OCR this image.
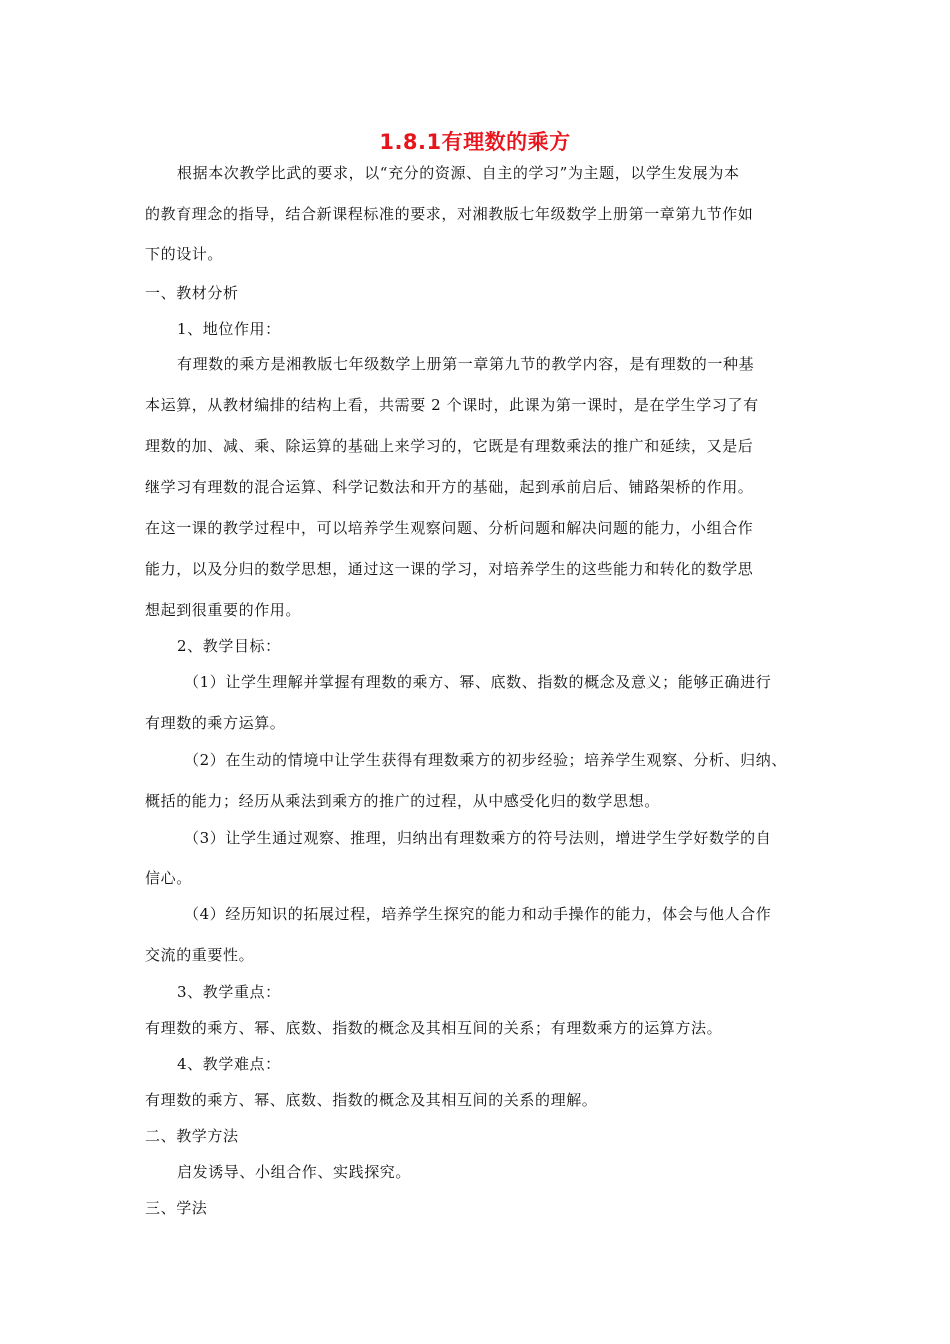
1.8.1有理数的乘方
根据本次教学比武的要求，以“充分的资源、自主的学习”为主题，以学生发展为本
的教育理念的指导，结合新课程标准的要求，对湘教版七年级数学上册第一章第九节作如
下的设计。
一、教材分析
1、地位作用：
有理数的乘方是湘教版七年级数学上册第一章第九节的教学内容，是有理数的一种基
本运算，从教材编排的结构上看，共需要 2 个课时，此课为第一课时，是在学生学习了有
理数的加、减、乘、除运算的基础上来学习的，它既是有理数乘法的推广和延续，又是后
继学习有理数的混合运算、科学记数法和开方的基础，起到承前启后、铺路架桥的作用。
在这一课的教学过程中，可以培养学生观察问题、分析问题和解决问题的能力，小组合作
能力，以及分归的数学思想，通过这一课的学习，对培养学生的这些能力和转化的数学思
想起到很重要的作用。
2、教学目标：
（1）让学生理解并掌握有理数的乘方、幂、底数、指数的概念及意义；能够正确进行
有理数的乘方运算。
（2）在生动的情境中让学生获得有理数乘方的初步经验；培养学生观察、分析、归纳、
概括的能力；经历从乘法到乘方的推广的过程，从中感受化归的数学思想。
（3）让学生通过观察、推理，归纳出有理数乘方的符号法则，增进学生学好数学的自
信心。
（4）经历知识的拓展过程，培养学生探究的能力和动手操作的能力，体会与他人合作
交流的重要性。
3、教学重点：
有理数的乘方、幂、底数、指数的概念及其相互间的关系；有理数乘方的运算方法。
4、教学难点：
有理数的乘方、幂、底数、指数的概念及其相互间的关系的理解。
二、教学方法
启发诱导、小组合作、实践探究。
三、学法
